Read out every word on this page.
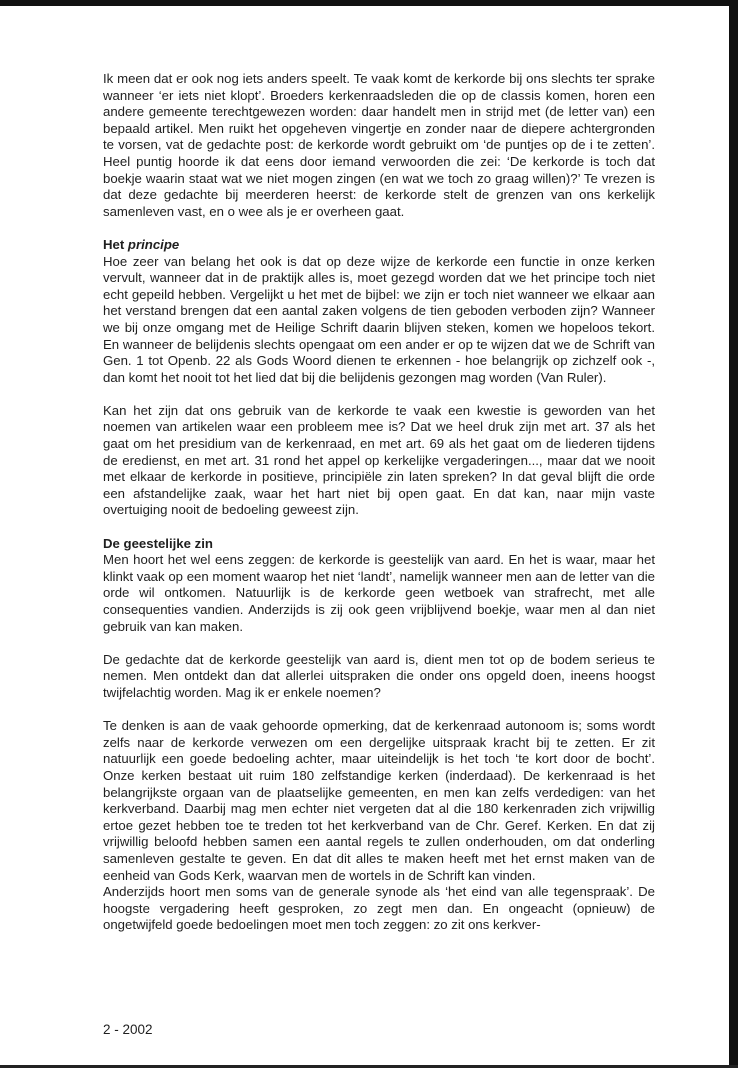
Ik meen dat er ook nog iets anders speelt. Te vaak komt de kerkorde bij ons slechts ter sprake wanneer ‘er iets niet klopt’. Broeders kerkenraadsleden die op de classis komen, horen een andere gemeente terechtgewezen worden: daar handelt men in strijd met (de letter van) een bepaald artikel. Men ruikt het opgeheven vingertje en zonder naar de diepere achtergronden te vorsen, vat de gedachte post: de kerkorde wordt gebruikt om ‘de puntjes op de i te zetten’. Heel puntig hoorde ik dat eens door iemand verwoorden die zei: ‘De kerkorde is toch dat boekje waarin staat wat we niet mogen zingen (en wat we toch zo graag willen)?’ Te vrezen is dat deze gedachte bij meerderen heerst: de kerkorde stelt de grenzen van ons kerkelijk samenleven vast, en o wee als je er overheen gaat.

Het principe

Hoe zeer van belang het ook is dat op deze wijze de kerkorde een functie in onze kerken vervult, wanneer dat in de praktijk alles is, moet gezegd worden dat we het principe toch niet echt gepeild hebben. Vergelijkt u het met de bijbel: we zijn er toch niet wanneer we elkaar aan het verstand brengen dat een aantal zaken volgens de tien geboden verboden zijn? Wanneer we bij onze omgang met de Heilige Schrift daarin blijven steken, komen we hopeloos tekort. En wanneer de belijdenis slechts opengaat om een ander er op te wijzen dat we de Schrift van Gen. 1 tot Openb. 22 als Gods Woord dienen te erkennen - hoe belangrijk op zichzelf ook -, dan komt het nooit tot het lied dat bij die belijdenis gezongen mag worden (Van Ruler).

Kan het zijn dat ons gebruik van de kerkorde te vaak een kwestie is geworden van het noemen van artikelen waar een probleem mee is? Dat we heel druk zijn met art. 37 als het gaat om het presidium van de kerkenraad, en met art. 69 als het gaat om de liederen tijdens de eredienst, en met art. 31 rond het appel op kerkelijke vergaderingen..., maar dat we nooit met elkaar de kerkorde in positieve, principiële zin laten spreken? In dat geval blijft die orde een afstandelijke zaak, waar het hart niet bij open gaat. En dat kan, naar mijn vaste overtuiging nooit de bedoeling geweest zijn.

De geestelijke zin

Men hoort het wel eens zeggen: de kerkorde is geestelijk van aard. En het is waar, maar het klinkt vaak op een moment waarop het niet ‘landt’, namelijk wanneer men aan de letter van die orde wil ontkomen. Natuurlijk is de kerkorde geen wetboek van strafrecht, met alle consequenties vandien. Anderzijds is zij ook geen vrijblijvend boekje, waar men al dan niet gebruik van kan maken.

De gedachte dat de kerkorde geestelijk van aard is, dient men tot op de bodem serieus te nemen. Men ontdekt dan dat allerlei uitspraken die onder ons opgeld doen, ineens hoogst twijfelachtig worden. Mag ik er enkele noemen?

Te denken is aan de vaak gehoorde opmerking, dat de kerkenraad autonoom is; soms wordt zelfs naar de kerkorde verwezen om een dergelijke uitspraak kracht bij te zetten. Er zit natuurlijk een goede bedoeling achter, maar uiteindelijk is het toch ‘te kort door de bocht’. Onze kerken bestaat uit ruim 180 zelfstandige kerken (inderdaad). De kerkenraad is het belangrijkste orgaan van de plaatselijke gemeenten, en men kan zelfs verdedigen: van het kerkverband. Daarbij mag men echter niet vergeten dat al die 180 kerkenraden zich vrijwillig ertoe gezet hebben toe te treden tot het kerkverband van de Chr. Geref. Kerken. En dat zij vrijwillig beloofd hebben samen een aantal regels te zullen onderhouden, om dat onderling samenleven gestalte te geven. En dat dit alles te maken heeft met het ernst maken van de eenheid van Gods Kerk, waarvan men de wortels in de Schrift kan vinden.

Anderzijds hoort men soms van de generale synode als ‘het eind van alle tegenspraak’. De hoogste vergadering heeft gesproken, zo zegt men dan. En ongeacht (opnieuw) de ongetwijfeld goede bedoelingen moet men toch zeggen: zo zit ons kerkver-

2 - 2002
